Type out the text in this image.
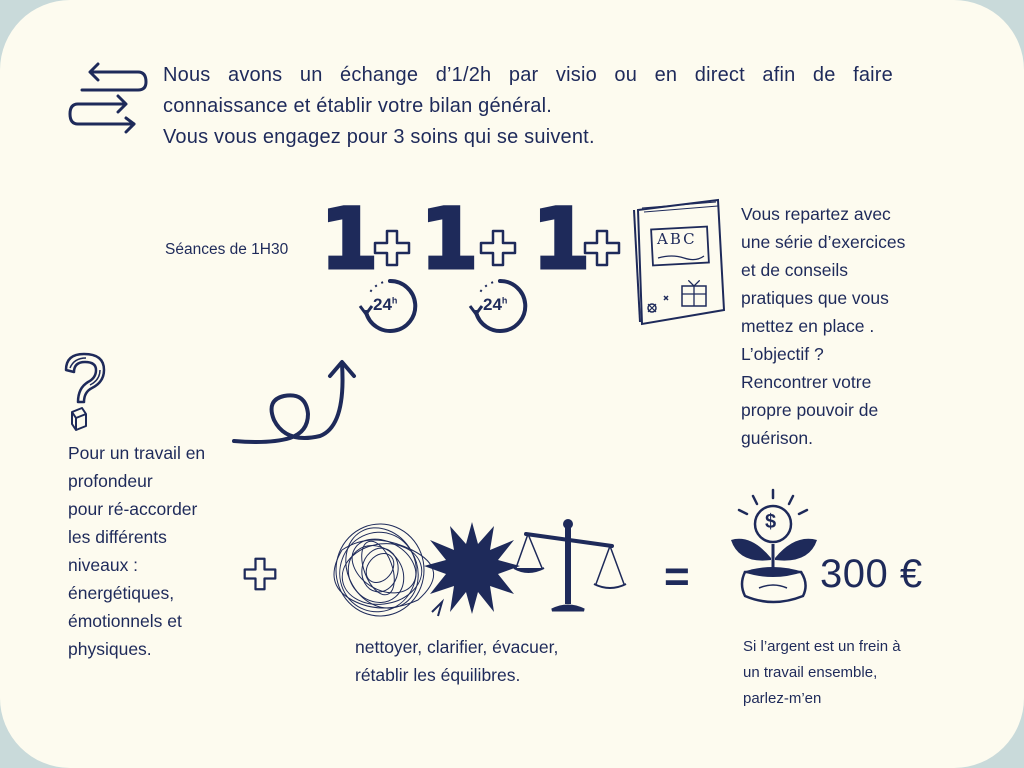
Nous avons un échange d’1/2h par visio ou en direct afin de faire
connaissance et établir votre bilan général.
Vous vous engagez pour 3 soins qui se suivent.
Séances de 1H30 1 1 1
24$^h$	24$^h$
ABC
Vous repartez avec
une série d’exercices
et de conseils
pratiques que vous
mettez en place .
L’objectif ?
Rencontrer votre
propre pouvoir de
guérison.
Pour un travail en
profondeur
pour ré-accorder
les différents
niveaux :
énergétiques,
émotionnels et
physiques.	nettoyer, clarifier, évacuer,
rétablir les équilibres.
=
$
300 €
Si l’argent est un frein à
un travail ensemble,
parlez-m’en
